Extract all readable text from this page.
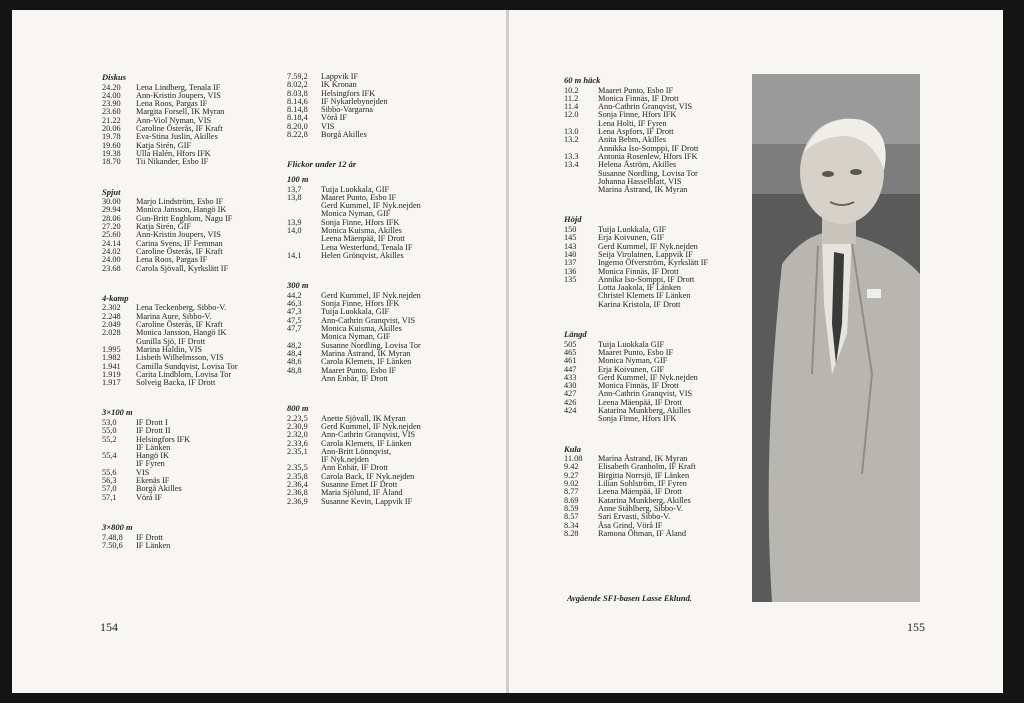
Diskus
24.20	Lena Lindberg, Tenala IF
24.00	Ann-Kristin Joupers, VIS
23.90	Lena Roos, Pargas IF
23.60	Margita Forsell, IK Myran
21.22	Ann-Viol Nyman, VIS
20.06	Caroline Österås, IF Kraft
19.78	Eva-Stina Juslin, Akilles
19.60	Katja Sirén, GIF
19.38	Ulla Halén, Hfors IFK
18.70	Tii Nikander, Esbo IF
Spjut
30.00	Marjo Lindström, Esbo IF
29.94	Monica Jansson, Hangö IK
28.06	Gun-Britt Engblom, Nagu IF
27.20	Katja Sirén, GIF
25.60	Ann-Kristin Joupers, VIS
24.14	Carina Svens, IF Femman
24.02	Caroline Österås, IF Kraft
24.00	Lena Roos, Pargas IF
23.68	Carola Sjövall, Kyrkslätt IF
4-kamp
2.302	Lena Teckenberg, Sibbo-V.
2.248	Marina Aure, Sibbo-V.
2.049	Caroline Österås, IF Kraft
2.028	Monica Jansson, Hangö IK
Gunilla Sjö, IF Drott
1.995	Marina Haldin, VIS
1.982	Lisbeth Wilhelmsson, VIS
1.941	Camilla Sundqvist, Lovisa Tor
1.919	Carita Lindblom, Lovisa Tor
1.917	Solveig Backa, IF Drott
3×100 m
53,0	IF Drott I
55,0	IF Drott II
55,2	Helsingfors IFK
IF Länken
55,4	Hangö IK
IF Fyren
55,6	VIS
56,3	Ekenäs IF
57,0	Borgå Akilles
57,1	Vörå IF
3×800 m
7.48,8	IF Drott
7.50,6	IF Länken
7.59,2	Lappvik IF
8.02,2	IK Kronan
8.03,8	Helsingfors IFK
8.14,6	IF Nykarlebynejden
8.14,8	Sibbo-Vargarna
8.18,4	Vörå IF
8.20,0	VIS
8.22,8	Borgå Akilles
Flickor under 12 år
100 m
13,7	Tuija Luokkala, GIF
13,8	Maaret Punto, Esbo IF
Gerd Kummel, IF Nyk.nejden
Monica Nyman, GIF
13,9	Sonja Finne, Hfors IFK
14,0	Monica Kuisma, Akilles
Leena Mäenpää, IF Drott
Lena Westerlund, Tenala IF
14,1	Helen Grönqvist, Akilles
300 m
44,2	Gerd Kummel, IF Nyk.nejden
46,3	Sonja Finne, Hfors IFK
47,3	Tuija Luokkala, GIF
47,5	Ann-Cathrin Granqvist, VIS
47,7	Monica Kuisma, Akilles
Monica Nyman, GIF
48,2	Susanne Nordling, Lovisa Tor
48,4	Marina Åstrand, IK Myran
48,6	Carola Klemets, IF Länken
48,8	Maaret Punto, Esbo IF
Ann Enbär, IF Drott
800 m
2.23,5	Anette Sjövall, IK Myran
2.30,9	Gerd Kummel, IF Nyk.nejden
2.32,0	Ann-Cathrin Granqvist, VIS
2.33,6	Carola Klemets, IF Länken
2.35,1	Ann-Britt Lönnqvist,
IF Nyk.nejden
2.35,5	Ann Enbär, IF Drott
2.35,8	Carola Back, IF Nyk.nejden
2.36,4	Susanne Emet IF Drott
2.36,8	Maria Sjölund, IF Åland
2.36,9	Susanne Kevin, Lappvik IF
154
60 m häck
10.2	Maaret Punto, Esbo IF
11.2	Monica Finnäs, IF Drott
11.4	Ann-Cathrin Granqvist, VIS
12.0	Sonja Finne, Hfors IFK
Lena Holti, IF Fyren
13.0	Lena Aspfors, IF Drott
13.2	Anita Behm, Akilles
Annikka Iso-Somppi, IF Drott
13.3	Antonia Rosenlew, Hfors IFK
13.4	Helena Åström, Akilles
Susanne Nordling, Lovisa Tor
Johanna Hasselblatt, VIS
Marina Åstrand, IK Myran
Höjd
150	Tuija Luokkala, GIF
145	Erja Koivunen, GIF
143	Gerd Kummel, IF Nyk.nejden
140	Seija Virolainen, Lappvik IF
137	Ingemo Öfverström, Kyrkslätt IF
136	Monica Finnäs, IF Drott
135	Annika Iso-Somppi, IF Drott
Lotta Jaakola, IF Länken
Christel Klemets IF Länken
Karina Kristola, IF Drott
Längd
505	Tuija Luokkala GIF
465	Maaret Punto, Esbo IF
461	Monica Nyman, GIF
447	Erja Koivunen, GIF
433	Gerd Kummel, IF Nyk.nejden
430	Monica Finnäs, IF Drott
427	Ann-Cathrin Granqvist, VIS
426	Leena Mäenpää, IF Drott
424	Katarina Munkberg, Akilles
Sonja Finne, Hfors IFK
Kula
11.08	Marina Åstrand, IK Myran
9.42	Elisabeth Granholm, IF Kraft
9.27	Birgitta Norrsjö, IF Länken
9.02	Lilian Sohlström, IF Fyren
8.77	Leena Mäenpää, IF Drott
8.69	Katarina Munkberg, Akilles
8.59	Anne Ståhlberg, Sibbo-V.
8.57	Sari Ervasti, Sibbo-V.
8.34	Åsa Grind, Vörå IF
8.28	Ramona Öhman, IF Åland
Avgående SFI-basen Lasse Eklund.
155
